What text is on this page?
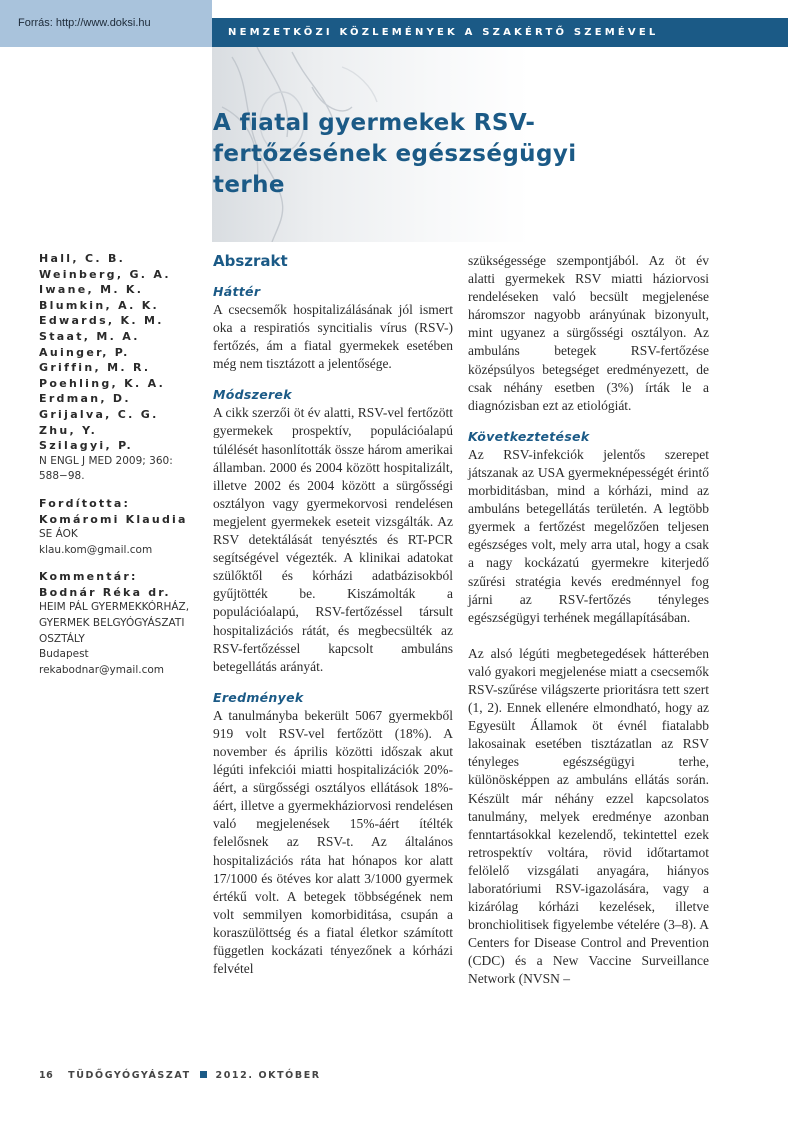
Forrás: http://www.doksi.hu
NEMZETKÖZI KÖZLEMÉNYEK A SZAKÉRTŐ SZEMÉVEL
A fiatal gyermekek RSV-fertőzésének egészségügyi terhe
Hall, C. B.
Weinberg, G. A.
Iwane, M. K.
Blumkin, A. K.
Edwards, K. M.
Staat, M. A.
Auinger, P.
Griffin, M. R.
Poehling, K. A.
Erdman, D.
Grijalva, C. G.
Zhu, Y.
Szilagyi, P.
N ENGL J MED 2009; 360:
588−98.
Fordította:
Komáromi Klaudia
SE ÁOK
klau.kom@gmail.com
Kommentár:
Bodnár Réka dr.
HEIM PÁL GYERMEKKÓRHÁZ,
GYERMEK BELGYÓGYÁSZATI
OSZTÁLY
Budapest
rekabodnar@ymail.com
Abszrakt
Háttér

A csecsemők hospitalizálásának jól ismert oka a respiratiós syncitialis vírus (RSV-) fertőzés, ám a fiatal gyermekek esetében még nem tisztázott a jelentősége.

Módszerek

A cikk szerzői öt év alatti, RSV-vel fertőzött gyermekek prospektív, populációalapú túlélését hasonlították össze három amerikai államban. 2000 és 2004 között hospitalizált, illetve 2002 és 2004 között a sürgősségi osztályon vagy gyermekorvosi rendelésen megjelent gyermekek eseteit vizsgálták. Az RSV detektálását tenyésztés és RT-PCR segítségével végezték. A klinikai adatokat szülőktől és kórházi adatbázisokból gyűjtötték be. Kiszámolták a populációalapú, RSV-fertőzéssel társult hospitalizációs rátát, és megbecsülték az RSV-fertőzéssel kapcsolt ambuláns betegellátás arányát.

Eredmények

A tanulmányba bekerült 5067 gyermekből 919 volt RSV-vel fertőzött (18%). A november és április közötti időszak akut légúti infekciói miatti hospitalizációk 20%-áért, a sürgősségi osztályos ellátások 18%-áért, illetve a gyermekháziorvosi rendelésen való megjelenések 15%-áért ítélték felelősnek az RSV-t. Az általános hospitalizációs ráta hat hónapos kor alatt 17/1000 és ötéves kor alatt 3/1000 gyermek értékű volt. A betegek többségének nem volt semmilyen komorbiditása, csupán a koraszülöttség és a fiatal életkor számított független kockázati tényezőnek a kórházi felvétel

szükségessége szempontjából. Az öt év alatti gyermekek RSV miatti háziorvosi rendeléseken való becsült megjelenése háromszor nagyobb arányúnak bizonyult, mint ugyanez a sürgősségi osztályon. Az ambuláns betegek RSV-fertőzése középsúlyos betegséget eredményezett, de csak néhány esetben (3%) írták le a diagnózisban ezt az etiológiát.

Következtetések

Az RSV-infekciók jelentős szerepet játszanak az USA gyermeknépességét érintő morbiditásban, mind a kórházi, mind az ambuláns betegellátás területén. A legtöbb gyermek a fertőzést megelőzően teljesen egészséges volt, mely arra utal, hogy a csak a nagy kockázatú gyermekre kiterjedő szűrési stratégia kevés eredménnyel fog járni az RSV-fertőzés tényleges egészségügyi terhének megállapításában.

Az alsó légúti megbetegedések hátterében való gyakori megjelenése miatt a csecsemők RSV-szűrése világszerte prioritásra tett szert (1, 2). Ennek ellenére elmondható, hogy az Egyesült Államok öt évnél fiatalabb lakosainak esetében tisztázatlan az RSV tényleges egészségügyi terhe, különösképpen az ambuláns ellátás során. Készült már néhány ezzel kapcsolatos tanulmány, melyek eredménye azonban fenntartásokkal kezelendő, tekintettel ezek retrospektív voltára, rövid időtartamot felölelő vizsgálati anyagára, hiányos laboratóriumi RSV-igazolására, vagy a kizárólag kórházi kezelések, illetve bronchiolitisek figyelembe vételére (3–8). A Centers for Disease Control and Prevention (CDC) és a New Vaccine Surveillance Network (NVSN –

16 TÜDŐGYÓGYÁSZAT	2012. OKTÓBER
